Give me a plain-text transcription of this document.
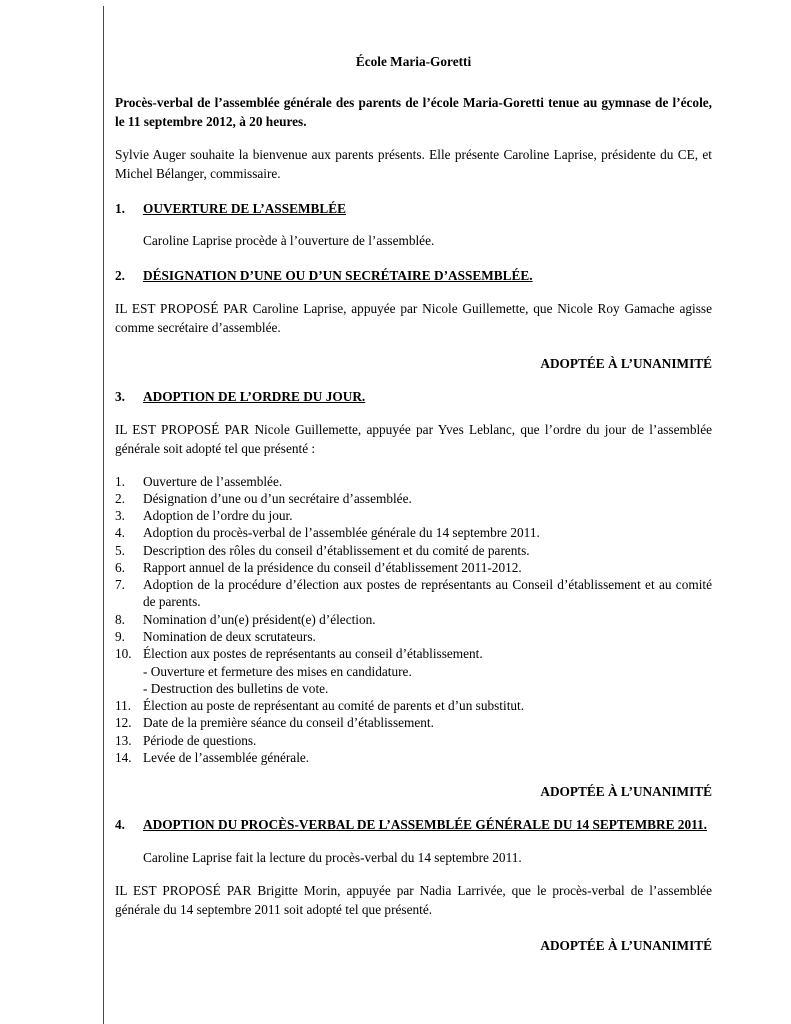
École Maria-Goretti

Procès-verbal de l’assemblée générale des parents de l’école Maria-Goretti tenue au gymnase de l’école, le 11 septembre 2012, à 20 heures.

Sylvie Auger souhaite la bienvenue aux parents présents. Elle présente Caroline Laprise, présidente du CE, et Michel Bélanger, commissaire.

1.	OUVERTURE DE L’ASSEMBLÉE

Caroline Laprise procède à l’ouverture de l’assemblée.

2.	DÉSIGNATION D’UNE OU D’UN SECRÉTAIRE D’ASSEMBLÉE.

IL EST PROPOSÉ PAR Caroline Laprise, appuyée par Nicole Guillemette, que Nicole Roy Gamache agisse comme secrétaire d’assemblée.

ADOPTÉE À L’UNANIMITÉ

3.	ADOPTION DE L’ORDRE DU JOUR.

IL EST PROPOSÉ PAR Nicole Guillemette, appuyée par Yves Leblanc, que l’ordre du jour de l’assemblée générale soit adopté tel que présenté :

1.	Ouverture de l’assemblée.
2.	Désignation d’une ou d’un secrétaire d’assemblée.
3.	Adoption de l’ordre du jour.
4.	Adoption du procès-verbal de l’assemblée générale du 14 septembre 2011.
5.	Description des rôles du conseil d’établissement et du comité de parents.
6.	Rapport annuel de la présidence du conseil d’établissement 2011-2012.
7.	Adoption de la procédure d’élection aux postes de représentants au Conseil d’établissement et au comité de parents.
8.	Nomination d’un(e) président(e) d’élection.
9.	Nomination de deux scrutateurs.
10. Élection aux postes de représentants au conseil d’établissement.
- Ouverture et fermeture des mises en candidature.
- Destruction des bulletins de vote.
11. Élection au poste de représentant au comité de parents et d’un substitut.
12. Date de la première séance du conseil d’établissement.
13. Période de questions.
14. Levée de l’assemblée générale.

ADOPTÉE À L’UNANIMITÉ

4.	ADOPTION DU PROCÈS-VERBAL DE L’ASSEMBLÉE GÉNÉRALE DU 14 SEPTEMBRE 2011.

Caroline Laprise fait la lecture du procès-verbal du 14 septembre 2011.

IL EST PROPOSÉ PAR Brigitte Morin, appuyée par Nadia Larrivée, que le procès-verbal de l’assemblée générale du 14 septembre 2011 soit adopté tel que présenté.

ADOPTÉE À L’UNANIMITÉ
